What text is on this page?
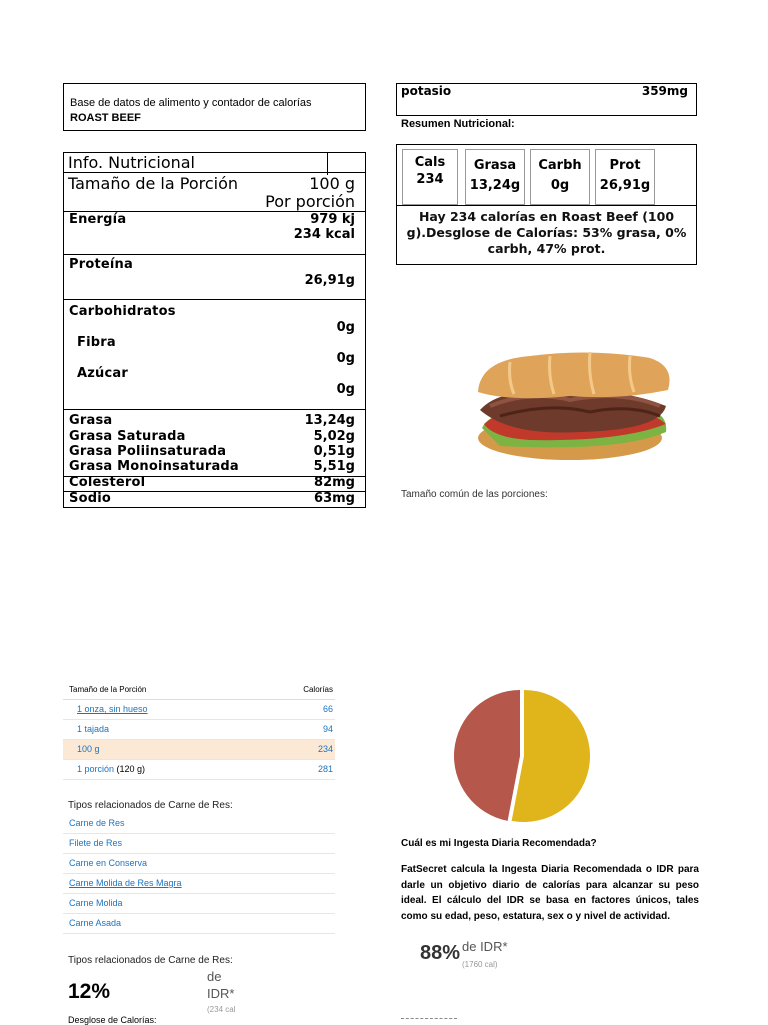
Base de datos de alimento y contador de calorías
ROAST BEEF
Info. Nutricional
Tamaño de la Porción	100 g
Por porción
Energía	979 kj
234 kcal
Proteína
26,91g
Carbohidratos
0g
Fibra
0g
Azúcar
0g
Grasa	13,24g
Grasa Saturada	5,02g
Grasa Poliinsaturada	0,51g
Grasa Monoinsaturada	5,51g
Colesterol	82mg
Sodio	63mg
potasio	359mg
Resumen Nutricional:
Cals
234
Grasa
13,24g
Carbh
0g
Prot
26,91g
Hay 234 calorías en Roast Beef (100 g).Desglose de Calorías: 53% grasa, 0% carbh, 47% prot.
Tamaño común de las porciones:
Tamaño de la Porción	Calorías
1 onza, sin hueso	66
1 tajada	94
100 g	234
1 porción (120 g)	281
Tipos relacionados de Carne de Res:
Carne de Res
Filete de Res
Carne en Conserva
Carne Molida de Res Magra
Carne Molida
Carne Asada
Tipos relacionados de Carne de Res:
12%
de
IDR*
(234 cal
Desglose de Calorías:
Cuál es mi Ingesta Diaria Recomendada?
FatSecret calcula la Ingesta Diaria Recomendada o IDR para darle un objetivo diario de calorías para alcanzar su peso ideal. El cálculo del IDR se basa en factores únicos, tales como su edad, peso, estatura, sex o y nivel de actividad.
88% de IDR*
(1760 cal)
